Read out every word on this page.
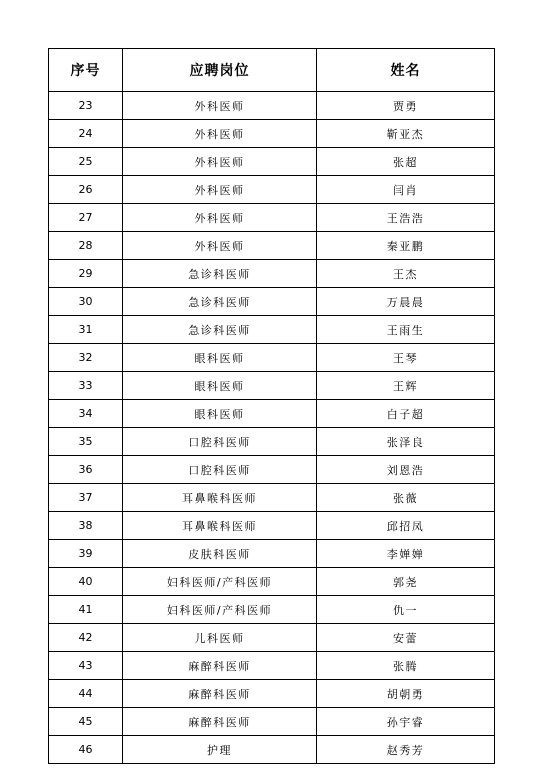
序号	应聘岗位	姓名
23	外科医师	贾勇
24	外科医师	靳亚杰
25	外科医师	张超
26	外科医师	闫肖
27	外科医师	王浩浩
28	外科医师	秦亚鹏
29	急诊科医师	王杰
30	急诊科医师	万晨晨
31	急诊科医师	王雨生
32	眼科医师	王琴
33	眼科医师	王辉
34	眼科医师	白子超
35	口腔科医师	张泽良
36	口腔科医师	刘恩浩
37	耳鼻喉科医师	张薇
38	耳鼻喉科医师	邱招凤
39	皮肤科医师	李婵婵
40	妇科医师/产科医师	郭尧
41	妇科医师/产科医师	仇一
42	儿科医师	安蕾
43	麻醉科医师	张腾
44	麻醉科医师	胡朝勇
45	麻醉科医师	孙宇睿
46	护理	赵秀芳
